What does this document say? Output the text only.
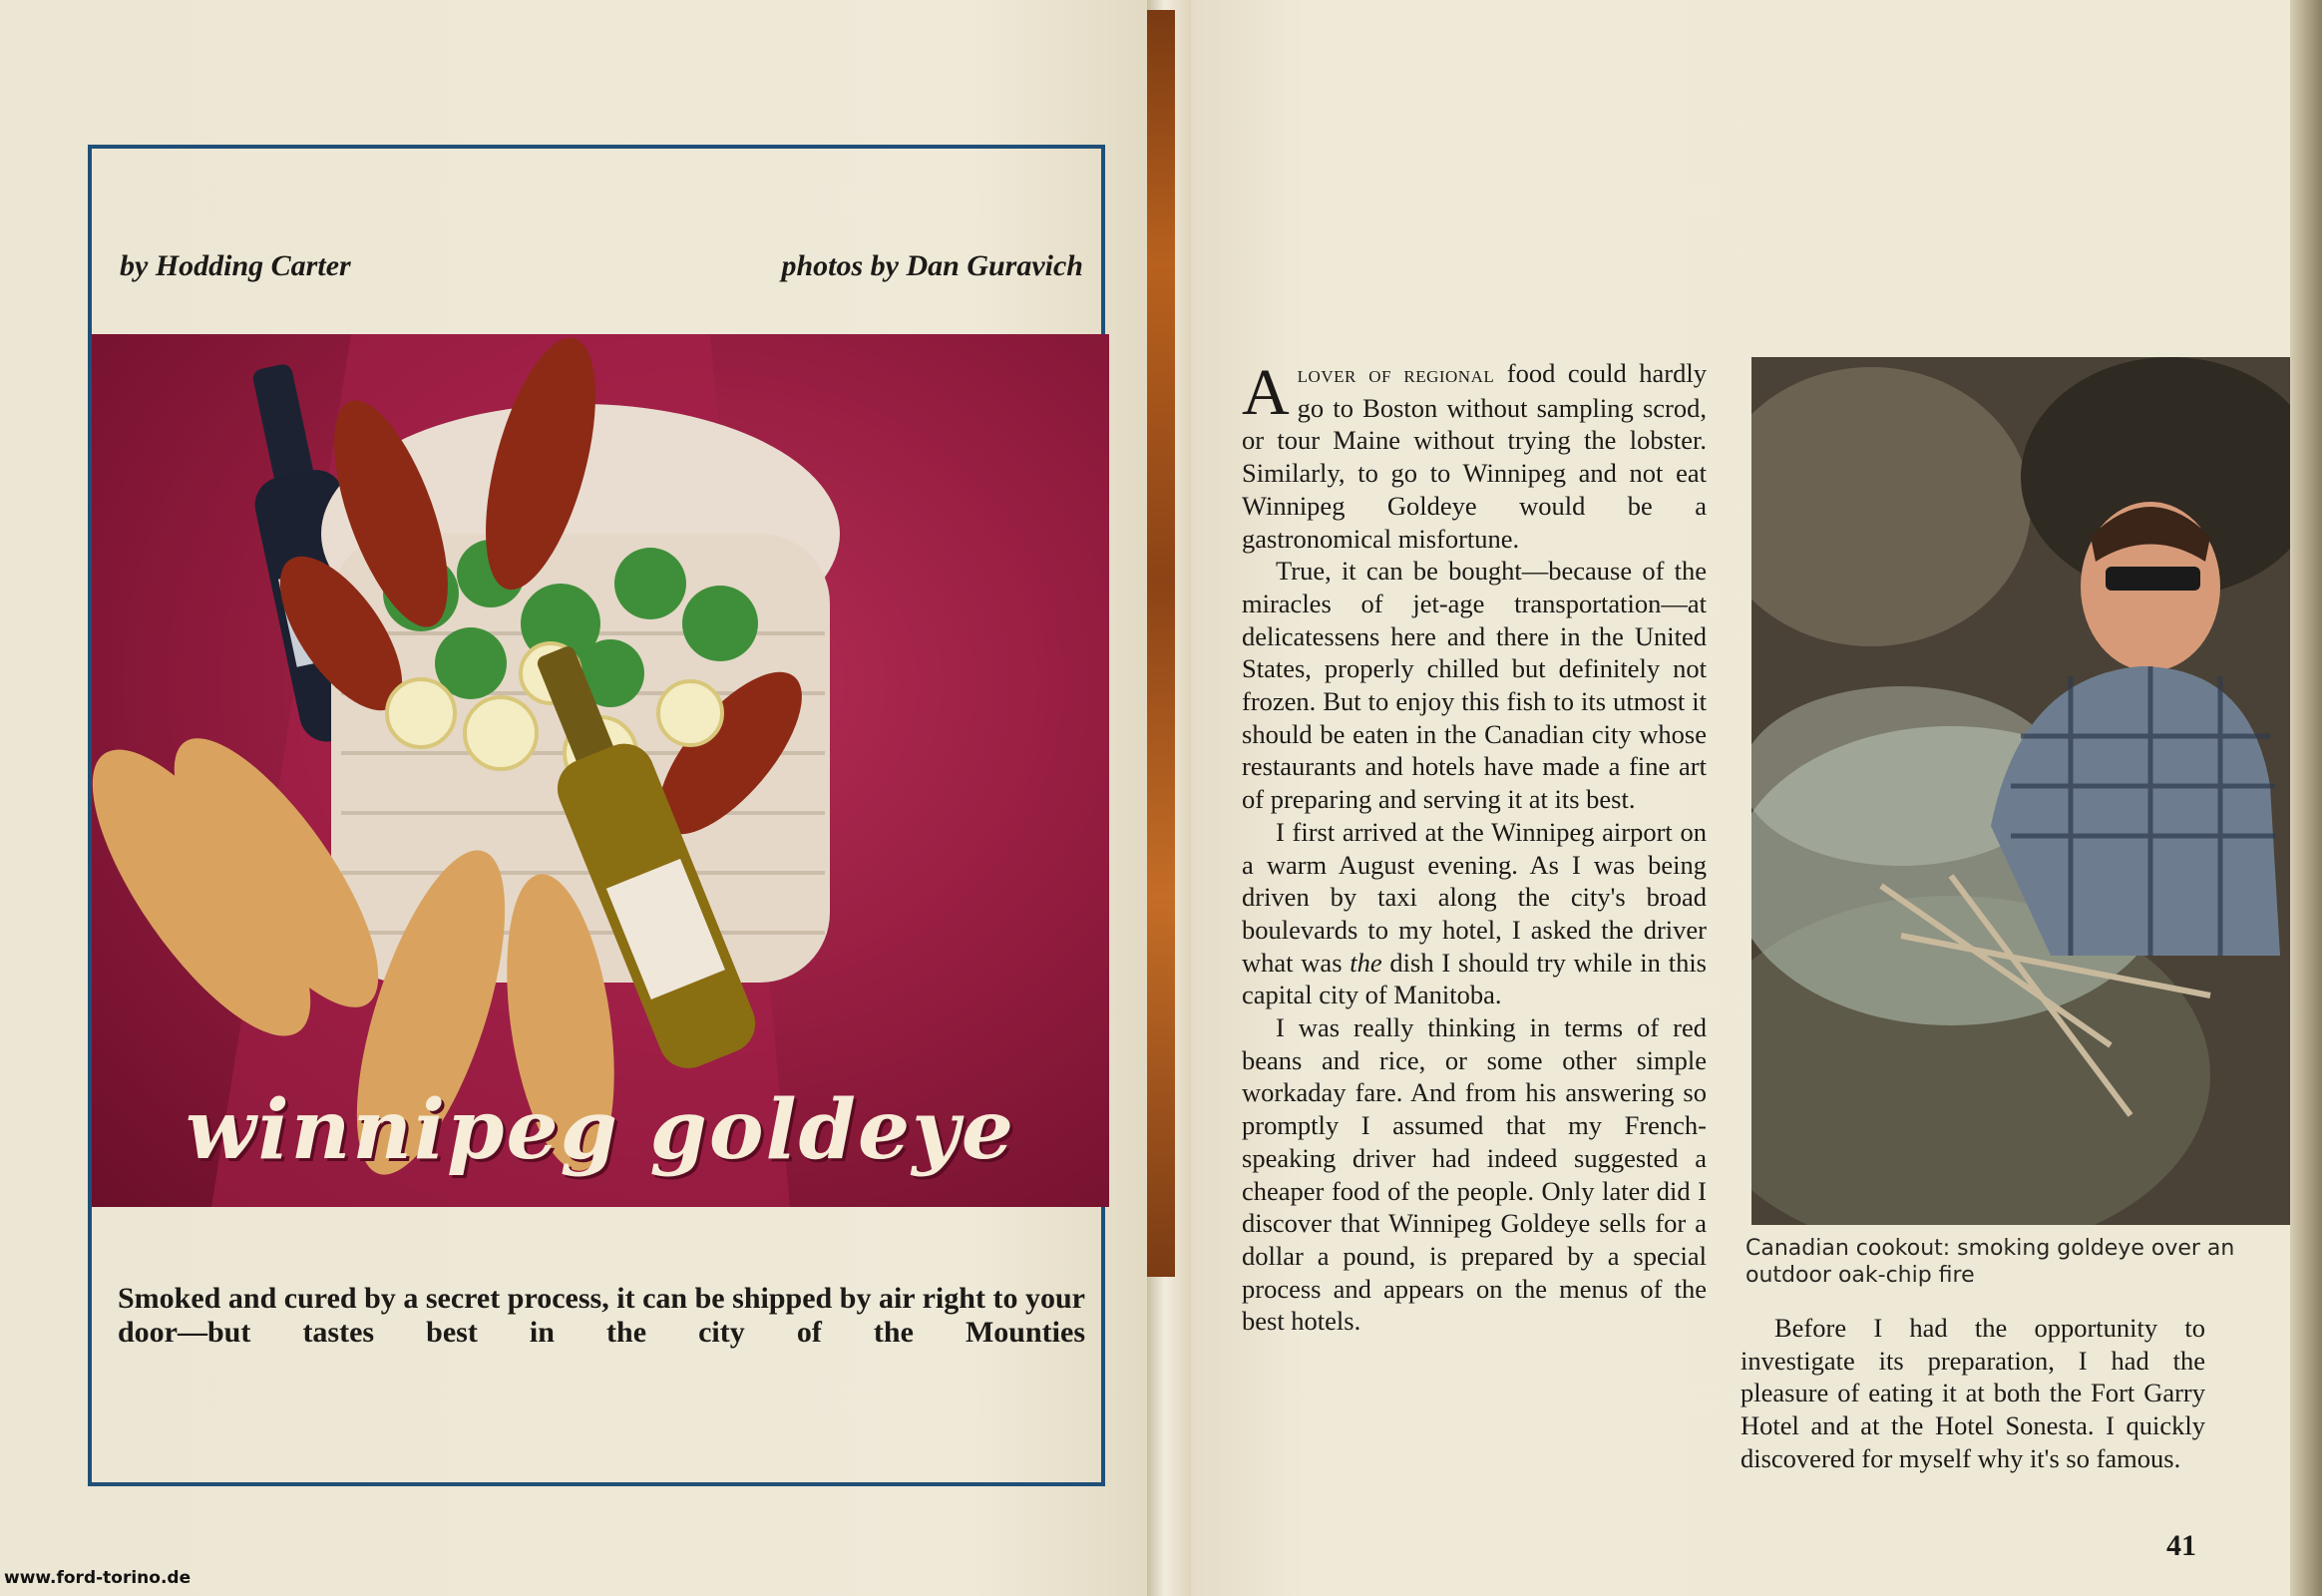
by Hodding Carter	photos by Dan Guravich
winnipeg goldeye
Smoked and cured by a secret process, it can be shipped by air right to your door—but tastes best in the city of the Mounties
www.ford-torino.de

Alover of regional food could hardly go to Boston without sampling scrod, or tour Maine without trying the lobster. Similarly, to go to Winnipeg and not eat Winnipeg Goldeye would be a gastronomical misfortune.

True, it can be bought—because of the miracles of jet-age transportation—at delicatessens here and there in the United States, properly chilled but definitely not frozen. But to enjoy this fish to its utmost it should be eaten in the Canadian city whose restaurants and hotels have made a fine art of preparing and serving it at its best.

I first arrived at the Winnipeg airport on a warm August evening. As I was being driven by taxi along the city's broad boulevards to my hotel, I asked the driver what was the dish I should try while in this capital city of Manitoba.

I was really thinking in terms of red beans and rice, or some other simple workaday fare. And from his answering so promptly I assumed that my French-speaking driver had indeed suggested a cheaper food of the people. Only later did I discover that Winnipeg Goldeye sells for a dollar a pound, is prepared by a special process and appears on the menus of the best hotels.

Canadian cookout: smoking goldeye over an outdoor oak-chip fire

Before I had the opportunity to investigate its preparation, I had the pleasure of eating it at both the Fort Garry Hotel and at the Hotel Sonesta. I quickly discovered for myself why it's so famous.

41
